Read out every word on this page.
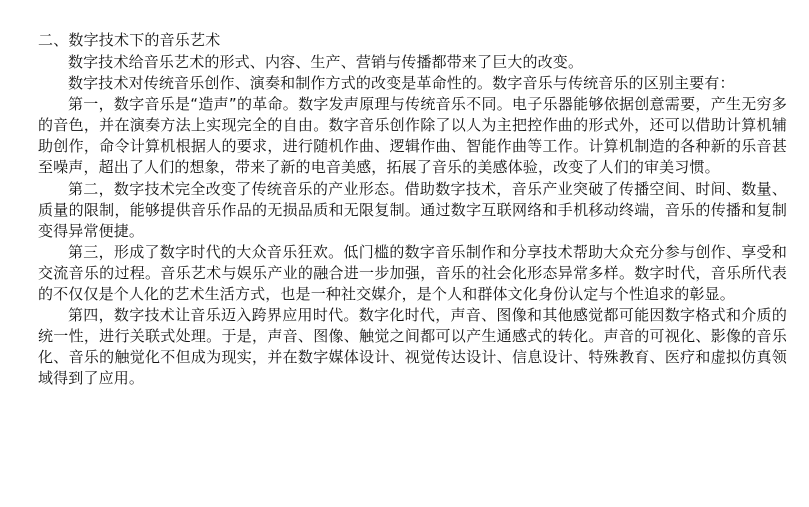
二、数字技术下的音乐艺术

数字技术给音乐艺术的形式、内容、生产、营销与传播都带来了巨大的改变。

数字技术对传统音乐创作、演奏和制作方式的改变是革命性的。数字音乐与传统音乐的区别主要有：

第一，数字音乐是“造声”的革命。数字发声原理与传统音乐不同。电子乐器能够依据创意需要，产生无穷多的音色，并在演奏方法上实现完全的自由。数字音乐创作除了以人为主把控作曲的形式外，还可以借助计算机辅助创作，命令计算机根据人的要求，进行随机作曲、逻辑作曲、智能作曲等工作。计算机制造的各种新的乐音甚至噪声，超出了人们的想象，带来了新的电音美感，拓展了音乐的美感体验，改变了人们的审美习惯。

第二，数字技术完全改变了传统音乐的产业形态。借助数字技术，音乐产业突破了传播空间、时间、数量、质量的限制，能够提供音乐作品的无损品质和无限复制。通过数字互联网络和手机移动终端，音乐的传播和复制变得异常便捷。

第三，形成了数字时代的大众音乐狂欢。低门槛的数字音乐制作和分享技术帮助大众充分参与创作、享受和交流音乐的过程。音乐艺术与娱乐产业的融合进一步加强，音乐的社会化形态异常多样。数字时代，音乐所代表的不仅仅是个人化的艺术生活方式，也是一种社交媒介，是个人和群体文化身份认定与个性追求的彰显。

第四，数字技术让音乐迈入跨界应用时代。数字化时代，声音、图像和其他感觉都可能因数字格式和介质的统一性，进行关联式处理。于是，声音、图像、触觉之间都可以产生通感式的转化。声音的可视化、影像的音乐化、音乐的触觉化不但成为现实，并在数字媒体设计、视觉传达设计、信息设计、特殊教育、医疗和虚拟仿真领域得到了应用。
